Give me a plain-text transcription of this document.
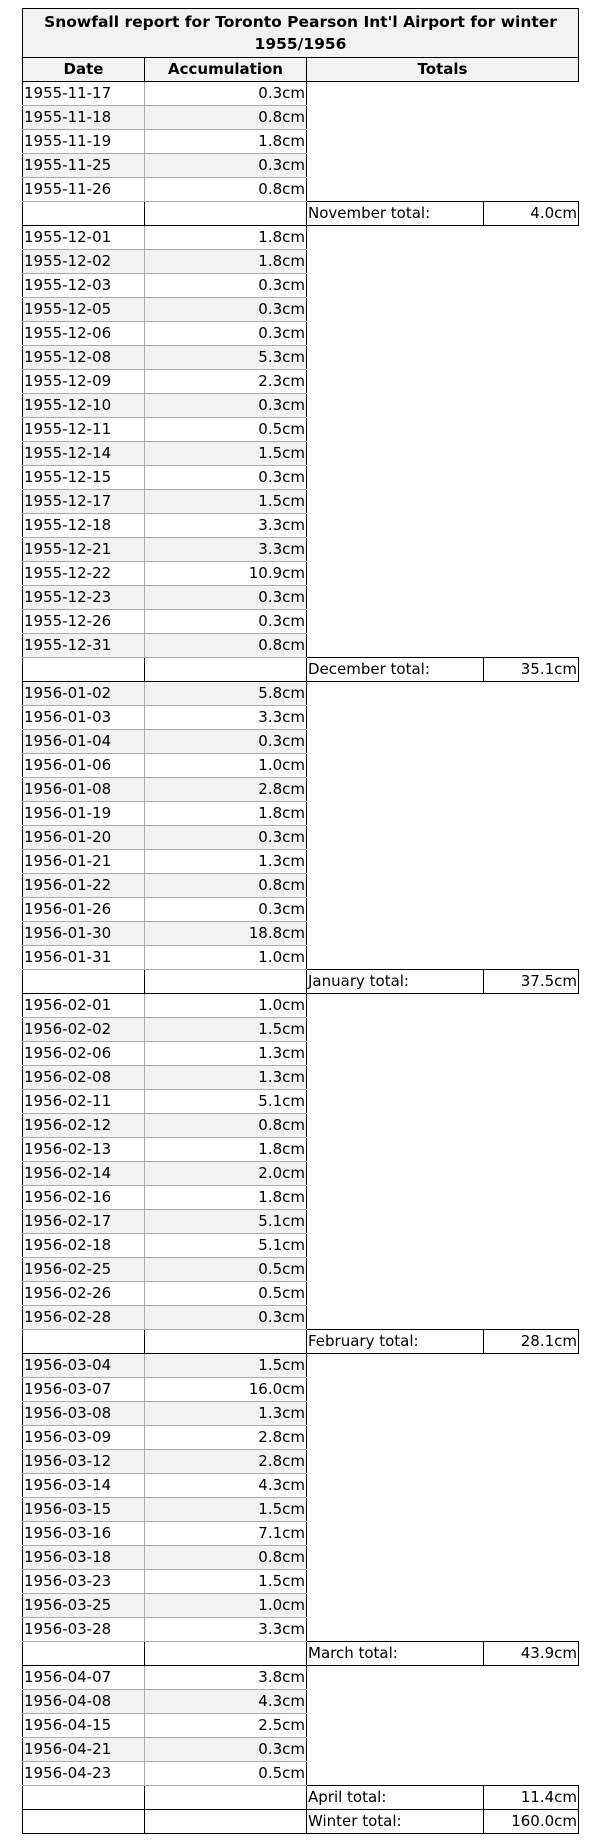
Snowfall report for Toronto Pearson Int'l Airport for winter 1955/1956
Date	Accumulation	Totals	
1955-11-17	0.3cm		
1955-11-18	0.8cm		
1955-11-19	1.8cm		
1955-11-25	0.3cm		
1955-11-26	0.8cm		
		November total:	4.0cm
1955-12-01	1.8cm		
1955-12-02	1.8cm		
1955-12-03	0.3cm		
1955-12-05	0.3cm		
1955-12-06	0.3cm		
1955-12-08	5.3cm		
1955-12-09	2.3cm		
1955-12-10	0.3cm		
1955-12-11	0.5cm		
1955-12-14	1.5cm		
1955-12-15	0.3cm		
1955-12-17	1.5cm		
1955-12-18	3.3cm		
1955-12-21	3.3cm		
1955-12-22	10.9cm		
1955-12-23	0.3cm		
1955-12-26	0.3cm		
1955-12-31	0.8cm		
		December total:	35.1cm
1956-01-02	5.8cm		
1956-01-03	3.3cm		
1956-01-04	0.3cm		
1956-01-06	1.0cm		
1956-01-08	2.8cm		
1956-01-19	1.8cm		
1956-01-20	0.3cm		
1956-01-21	1.3cm		
1956-01-22	0.8cm		
1956-01-26	0.3cm		
1956-01-30	18.8cm		
1956-01-31	1.0cm		
		January total:	37.5cm
1956-02-01	1.0cm		
1956-02-02	1.5cm		
1956-02-06	1.3cm		
1956-02-08	1.3cm		
1956-02-11	5.1cm		
1956-02-12	0.8cm		
1956-02-13	1.8cm		
1956-02-14	2.0cm		
1956-02-16	1.8cm		
1956-02-17	5.1cm		
1956-02-18	5.1cm		
1956-02-25	0.5cm		
1956-02-26	0.5cm		
1956-02-28	0.3cm		
		February total:	28.1cm
1956-03-04	1.5cm		
1956-03-07	16.0cm		
1956-03-08	1.3cm		
1956-03-09	2.8cm		
1956-03-12	2.8cm		
1956-03-14	4.3cm		
1956-03-15	1.5cm		
1956-03-16	7.1cm		
1956-03-18	0.8cm		
1956-03-23	1.5cm		
1956-03-25	1.0cm		
1956-03-28	3.3cm		
		March total:	43.9cm
1956-04-07	3.8cm		
1956-04-08	4.3cm		
1956-04-15	2.5cm		
1956-04-21	0.3cm		
1956-04-23	0.5cm		
		April total:	11.4cm
		Winter total:	160.0cm
